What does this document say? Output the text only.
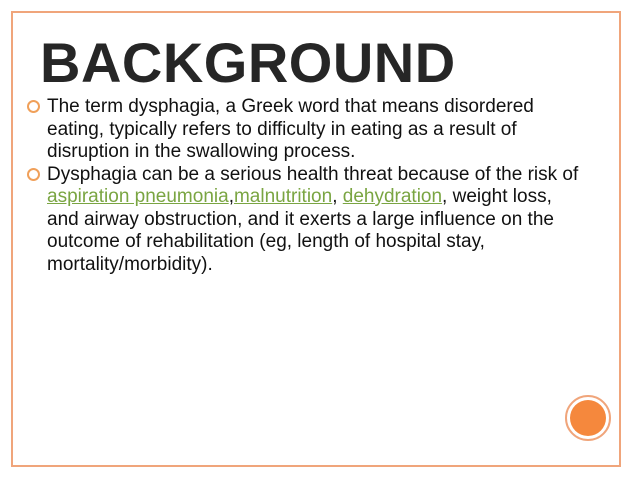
BACKGROUND
The term dysphagia, a Greek word that means disordered eating, typically refers to difficulty in eating as a result of disruption in the swallowing process.
Dysphagia can be a serious health threat because of the risk of aspiration pneumonia,malnutrition, dehydration, weight loss, and airway obstruction, and it exerts a large influence on the outcome of rehabilitation (eg, length of hospital stay, mortality/morbidity).
